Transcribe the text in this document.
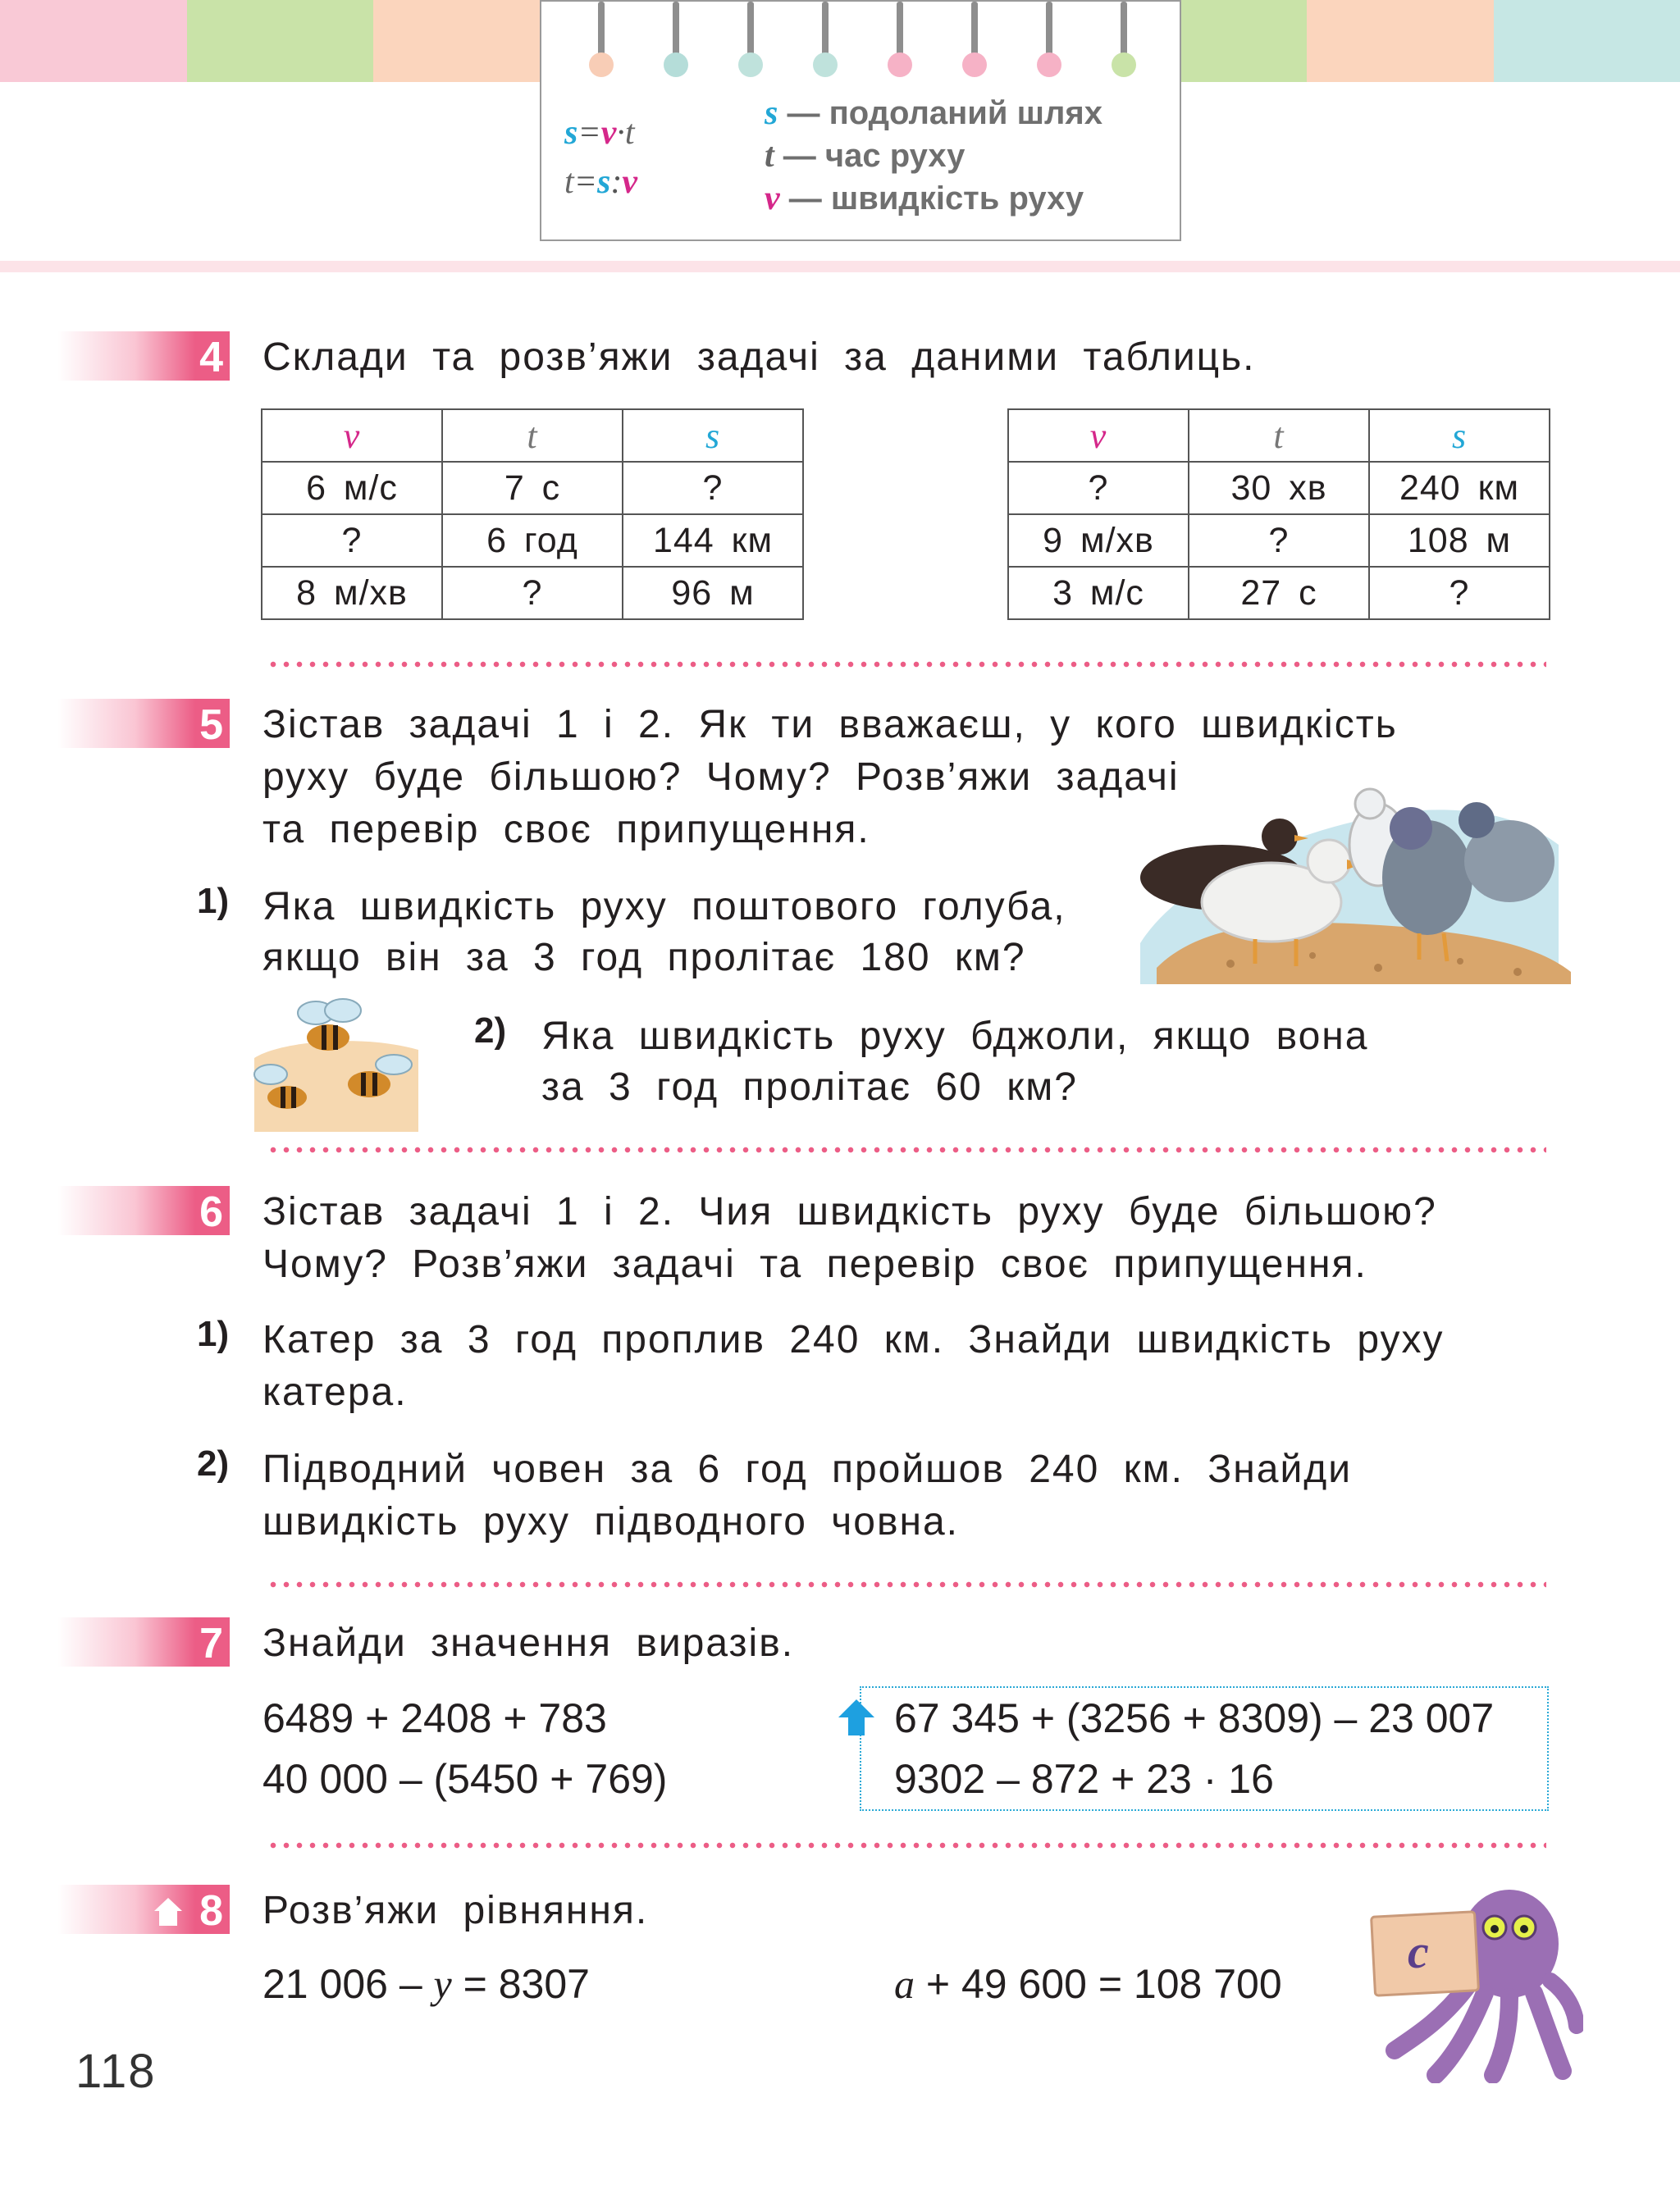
s=v·t
t=s:v
s — подоланий шлях
t — час руху
v — швидкість руху
4 Склади та розв’яжи задачі за даними таблиць.
v	t	s
6 м/с	7 с	?
?	6 год	144 км
8 м/хв	?	96 м
v	t	s
?	30 хв	240 км
9 м/хв	?	108 м
3 м/с	27 с	?
5 Зістав задачі 1 і 2. Як ти вважаєш, у кого швидкість
руху буде більшою? Чому? Розв’яжи задачі
та перевір своє припущення.
1) Яка швидкість руху поштового голуба,
якщо він за 3 год пролітає 180 км?
2) Яка швидкість руху бджоли, якщо вона
за 3 год пролітає 60 км?
6 Зістав задачі 1 і 2. Чия швидкість руху буде більшою?
Чому? Розв’яжи задачі та перевір своє припущення.
1) Катер за 3 год проплив 240 км. Знайди швидкість руху
катера.
2) Підводний човен за 6 год пройшов 240 км. Знайди
швидкість руху підводного човна.
7 Знайди значення виразів.
6489 + 2408 + 783
40 000 – (5450 + 769)
67 345 + (3256 + 8309) – 23 007
9302 – 872 + 23 · 16
8 Розв’яжи рівняння.
21 006 – y = 8307	a + 49 600 = 108 700
c
118
